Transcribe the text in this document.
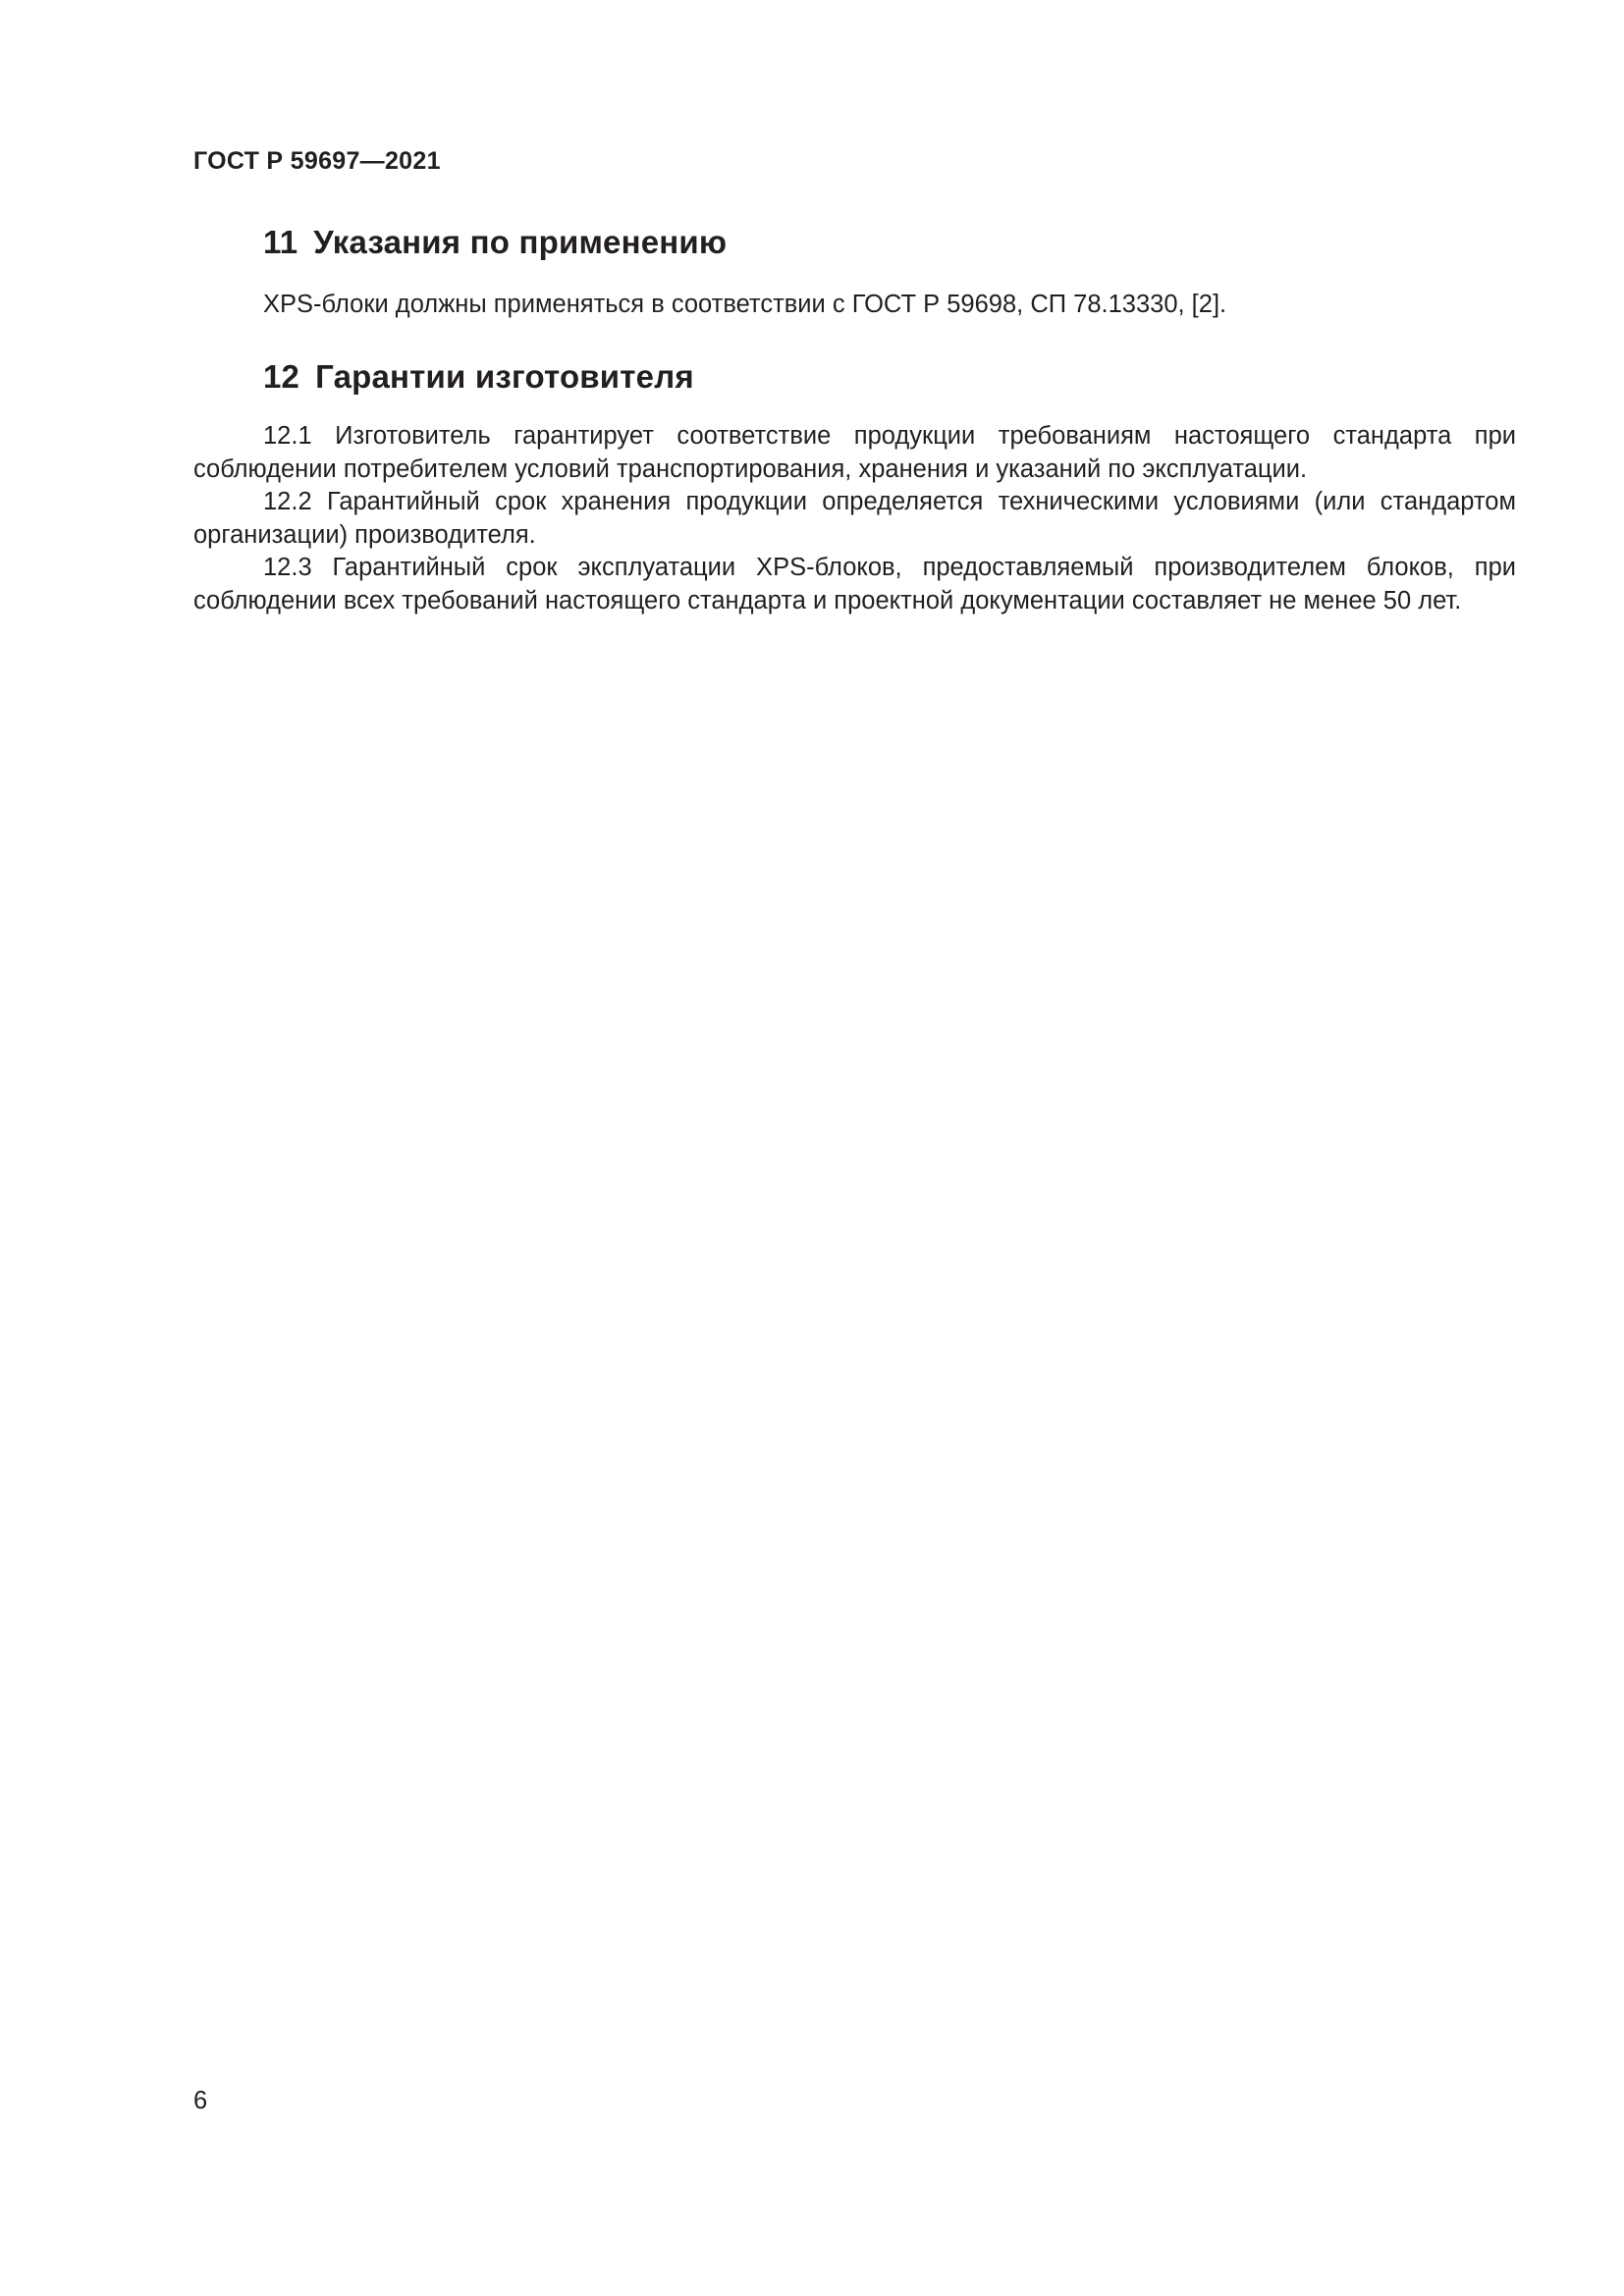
ГОСТ Р 59697—2021
11 Указания по применению

XPS-блоки должны применяться в соответствии с ГОСТ Р 59698, СП 78.13330, [2].

12 Гарантии изготовителя

12.1 Изготовитель гарантирует соответствие продукции требованиям настоящего стандарта при соблюдении потребителем условий транспортирования, хранения и указаний по эксплуатации.

12.2 Гарантийный срок хранения продукции определяется техническими условиями (или стандартом организации) производителя.

12.3 Гарантийный срок эксплуатации XPS-блоков, предоставляемый производителем блоков, при соблюдении всех требований настоящего стандарта и проектной документации составляет не менее 50 лет.

6
